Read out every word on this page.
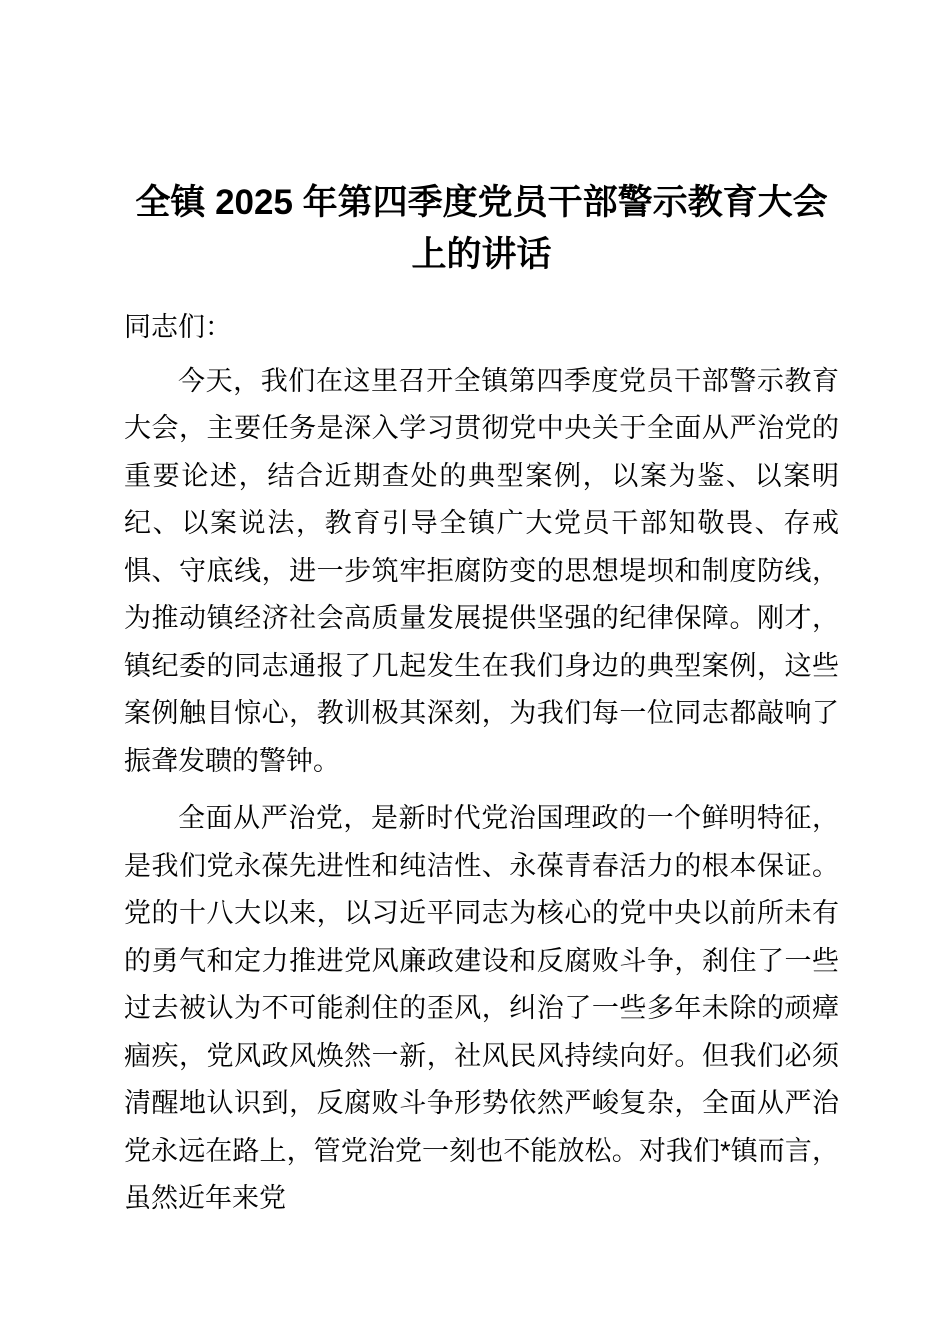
全镇 2025 年第四季度党员干部警示教育大会
上的讲话
同志们：

今天，我们在这里召开全镇第四季度党员干部警示教育大会，主要任务是深入学习贯彻党中央关于全面从严治党的重要论述，结合近期查处的典型案例，以案为鉴、以案明纪、以案说法，教育引导全镇广大党员干部知敬畏、存戒惧、守底线，进一步筑牢拒腐防变的思想堤坝和制度防线，为推动镇经济社会高质量发展提供坚强的纪律保障。刚才，镇纪委的同志通报了几起发生在我们身边的典型案例，这些案例触目惊心，教训极其深刻，为我们每一位同志都敲响了振聋发聩的警钟。

全面从严治党，是新时代党治国理政的一个鲜明特征，是我们党永葆先进性和纯洁性、永葆青春活力的根本保证。党的十八大以来，以习近平同志为核心的党中央以前所未有的勇气和定力推进党风廉政建设和反腐败斗争，刹住了一些过去被认为不可能刹住的歪风，纠治了一些多年未除的顽瘴痼疾，党风政风焕然一新，社风民风持续向好。但我们必须清醒地认识到，反腐败斗争形势依然严峻复杂，全面从严治党永远在路上，管党治党一刻也不能放松。对我们*镇而言，虽然近年来党
